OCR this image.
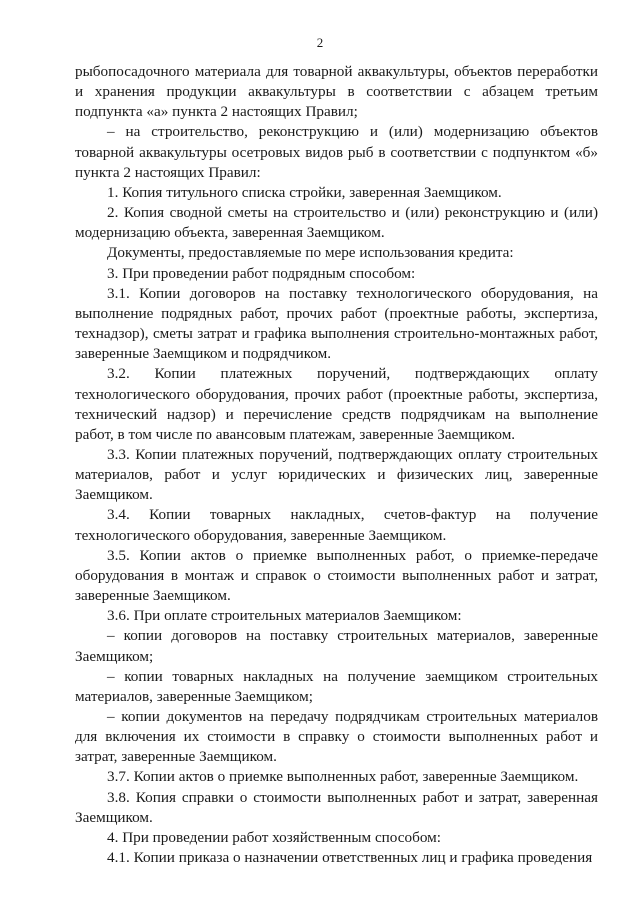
2

рыбопосадочного материала для товарной аквакультуры, объектов переработки и хранения продукции аквакультуры в соответствии с абзацем третьим подпункта «а» пункта 2 настоящих Правил;

– на строительство, реконструкцию и (или) модернизацию объектов товарной аквакультуры осетровых видов рыб в соответствии с подпунктом «б» пункта 2 настоящих Правил:

1. Копия титульного списка стройки, заверенная Заемщиком.

2. Копия сводной сметы на строительство и (или) реконструкцию и (или) модернизацию объекта, заверенная Заемщиком.

Документы, предоставляемые по мере использования кредита:

3. При проведении работ подрядным способом:

3.1. Копии договоров на поставку технологического оборудования, на выполнение подрядных работ, прочих работ (проектные работы, экспертиза, технадзор), сметы затрат и графика выполнения строительно-монтажных работ, заверенные Заемщиком и подрядчиком.

3.2. Копии платежных поручений, подтверждающих оплату технологического оборудования, прочих работ (проектные работы, экспертиза, технический надзор) и перечисление средств подрядчикам на выполнение работ, в том числе по авансовым платежам, заверенные Заемщиком.

3.3. Копии платежных поручений, подтверждающих оплату строительных материалов, работ и услуг юридических и физических лиц, заверенные Заемщиком.

3.4. Копии товарных накладных, счетов-фактур на получение технологического оборудования, заверенные Заемщиком.

3.5. Копии актов о приемке выполненных работ, о приемке-передаче оборудования в монтаж и справок о стоимости выполненных работ и затрат, заверенные Заемщиком.

3.6. При оплате строительных материалов Заемщиком:

– копии договоров на поставку строительных материалов, заверенные Заемщиком;

– копии товарных накладных на получение заемщиком строительных материалов, заверенные Заемщиком;

– копии документов на передачу подрядчикам строительных материалов для включения их стоимости в справку о стоимости выполненных работ и затрат, заверенные Заемщиком.

3.7. Копии актов о приемке выполненных работ, заверенные Заемщиком.

3.8. Копия справки о стоимости выполненных работ и затрат, заверенная Заемщиком.

4. При проведении работ хозяйственным способом:

4.1. Копии приказа о назначении ответственных лиц и графика проведения
